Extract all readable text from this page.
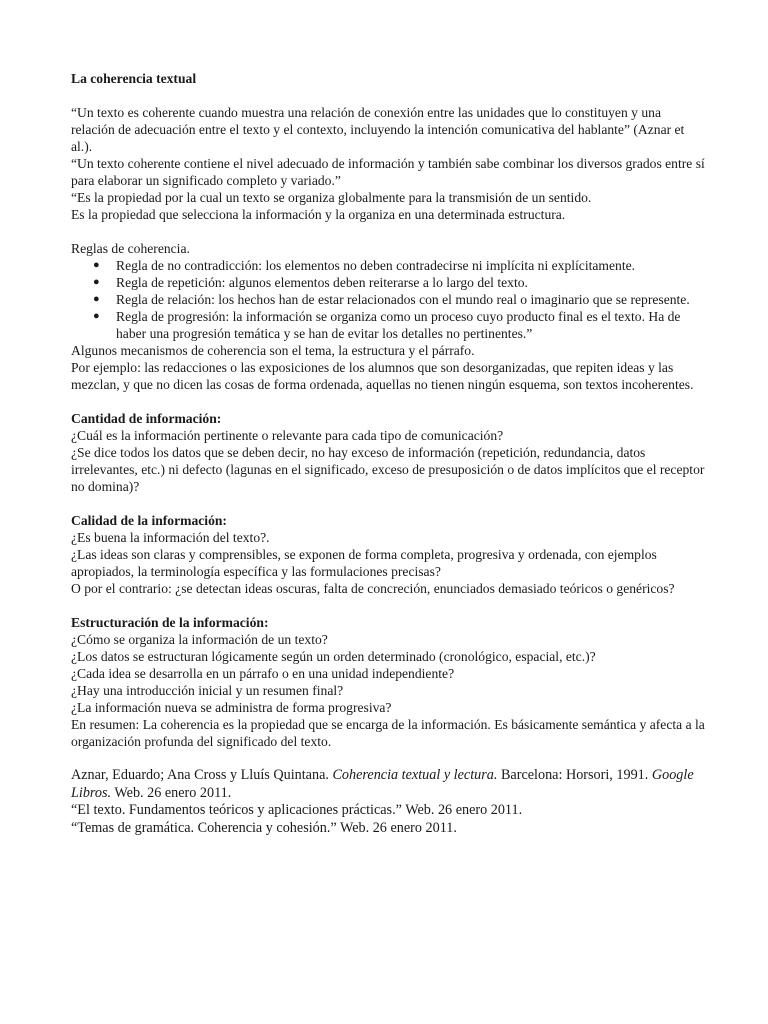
La coherencia textual

“Un texto es coherente cuando muestra una relación de conexión entre las unidades que lo constituyen y una relación de adecuación entre el texto y el contexto, incluyendo la intención comunicativa del hablante” (Aznar et al.).

“Un texto coherente contiene el nivel adecuado de información y también sabe combinar los diversos grados entre sí para elaborar un significado completo y variado.”

“Es la propiedad por la cual un texto se organiza globalmente para la transmisión de un sentido.

Es la propiedad que selecciona la información y la organiza en una determinada estructura.

Reglas de coherencia.

● Regla de no contradicción: los elementos no deben contradecirse ni implícita ni explícitamente.
● Regla de repetición: algunos elementos deben reiterarse a lo largo del texto.
● Regla de relación: los hechos han de estar relacionados con el mundo real o imaginario que se represente.
● Regla de progresión: la información se organiza como un proceso cuyo producto final es el texto. Ha de haber una progresión temática y se han de evitar los detalles no pertinentes.”

Algunos mecanismos de coherencia son el tema, la estructura y el párrafo.

Por ejemplo: las redacciones o las exposiciones de los alumnos que son desorganizadas, que repiten ideas y las mezclan, y que no dicen las cosas de forma ordenada, aquellas no tienen ningún esquema, son textos incoherentes.

Cantidad de información:

¿Cuál es la información pertinente o relevante para cada tipo de comunicación?

¿Se dice todos los datos que se deben decir, no hay exceso de información (repetición, redundancia, datos irrelevantes, etc.) ni defecto (lagunas en el significado, exceso de presuposición o de datos implícitos que el receptor no domina)?

Calidad de la información:

¿Es buena la información del texto?.

¿Las ideas son claras y comprensibles, se exponen de forma completa, progresiva y ordenada, con ejemplos apropiados, la terminología específica y las formulaciones precisas?

O por el contrario: ¿se detectan ideas oscuras, falta de concreción, enunciados demasiado teóricos o genéricos?

Estructuración de la información:

¿Cómo se organiza la información de un texto?

¿Los datos se estructuran lógicamente según un orden determinado (cronológico, espacial, etc.)?

¿Cada idea se desarrolla en un párrafo o en una unidad independiente?

¿Hay una introducción inicial y un resumen final?

¿La información nueva se administra de forma progresiva?

En resumen: La coherencia es la propiedad que se encarga de la información. Es básicamente semántica y afecta a la organización profunda del significado del texto.

Aznar, Eduardo; Ana Cross y Lluís Quintana. Coherencia textual y lectura. Barcelona: Horsori, 1991. Google Libros. Web. 26 enero 2011.

“El texto. Fundamentos teóricos y aplicaciones prácticas.” Web. 26 enero 2011.

“Temas de gramática. Coherencia y cohesión.” Web. 26 enero 2011.
